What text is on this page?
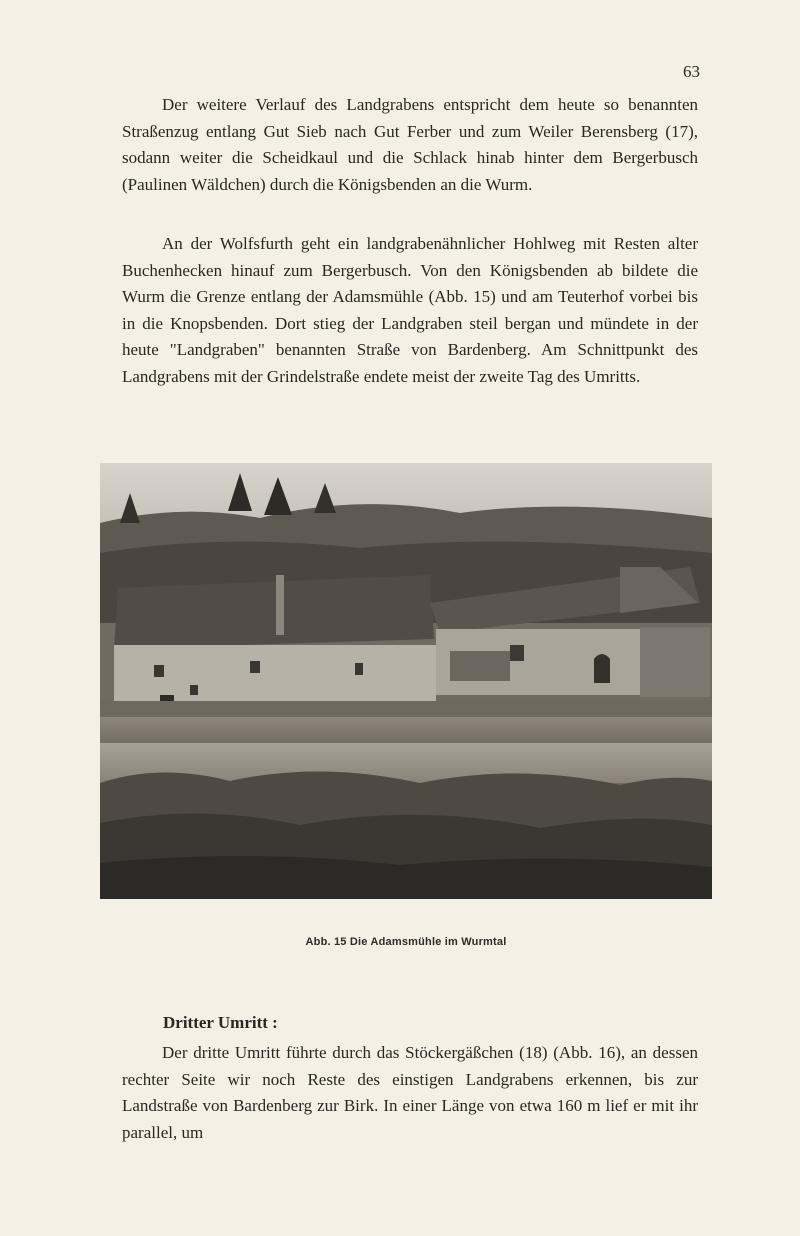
63

Der weitere Verlauf des Landgrabens entspricht dem heute so benannten Straßenzug entlang Gut Sieb nach Gut Ferber und zum Weiler Berensberg (17), sodann weiter die Scheidkaul und die Schlack hinab hinter dem Bergerbusch (Paulinen Wäldchen) durch die Königsbenden an die Wurm.

An der Wolfsfurth geht ein landgrabenähnlicher Hohlweg mit Resten alter Buchenhecken hinauf zum Bergerbusch. Von den Königsbenden ab bildete die Wurm die Grenze entlang der Adamsmühle (Abb. 15) und am Teuterhof vorbei bis in die Knopsbenden. Dort stieg der Landgraben steil bergan und mündete in der heute "Landgraben" benannten Straße von Bardenberg. Am Schnittpunkt des Landgrabens mit der Grindelstraße endete meist der zweite Tag des Umritts.

Abb. 15 Die Adamsmühle im Wurmtal
Dritter Umritt :

Der dritte Umritt führte durch das Stöckergäßchen (18) (Abb. 16), an dessen rechter Seite wir noch Reste des einstigen Landgrabens erkennen, bis zur Landstraße von Bardenberg zur Birk. In einer Länge von etwa 160 m lief er mit ihr parallel, um
